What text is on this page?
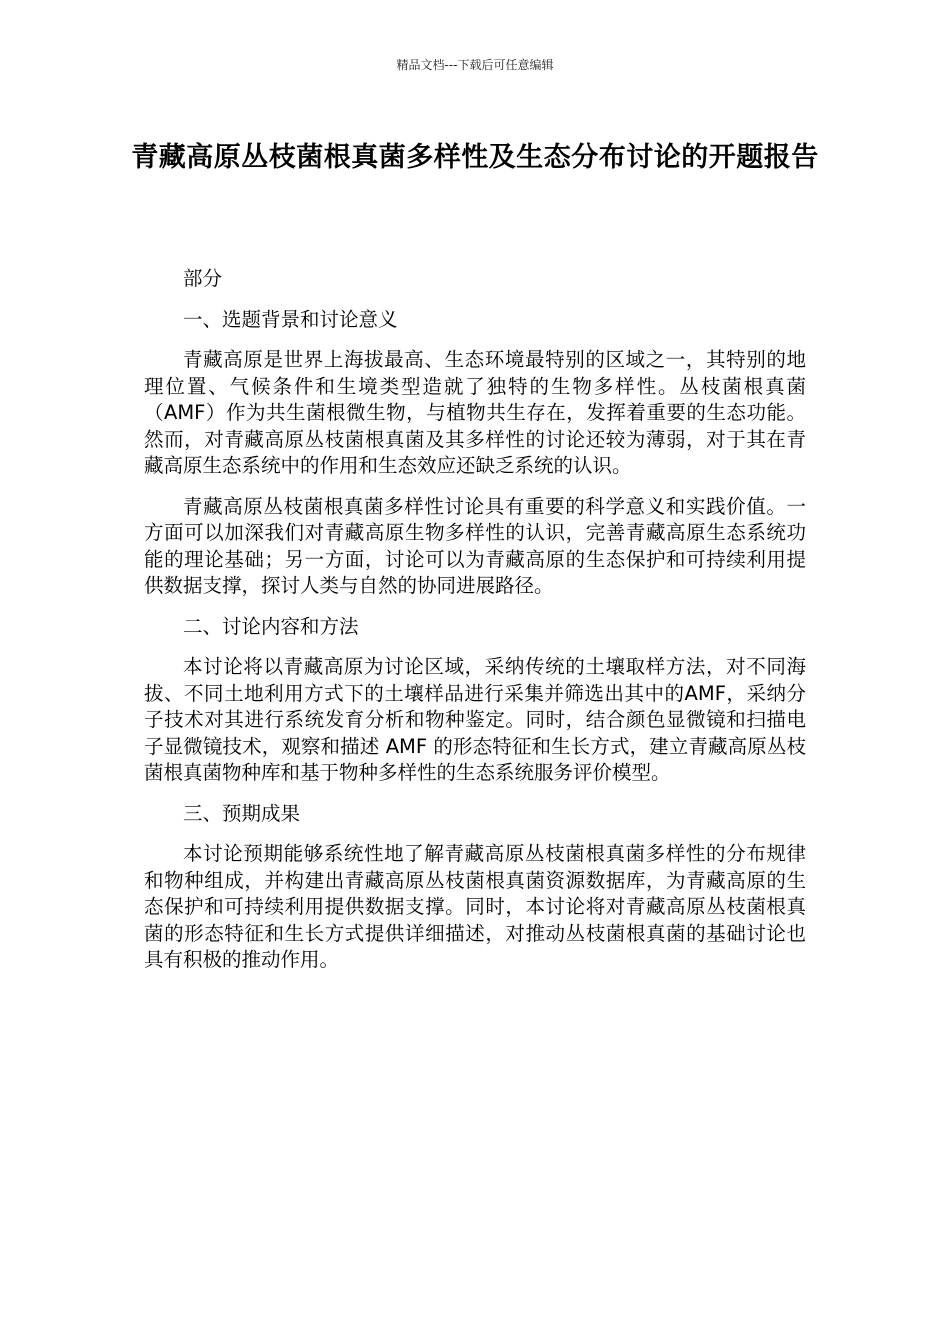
精品文档---下载后可任意编辑
青藏高原丛枝菌根真菌多样性及生态分布讨论的开题报告

部分

一、选题背景和讨论意义

青藏高原是世界上海拔最高、生态环境最特别的区域之一，其特别的地理位置、气候条件和生境类型造就了独特的生物多样性。丛枝菌根真菌（AMF）作为共生菌根微生物，与植物共生存在，发挥着重要的生态功能。然而，对青藏高原丛枝菌根真菌及其多样性的讨论还较为薄弱，对于其在青藏高原生态系统中的作用和生态效应还缺乏系统的认识。

青藏高原丛枝菌根真菌多样性讨论具有重要的科学意义和实践价值。一方面可以加深我们对青藏高原生物多样性的认识，完善青藏高原生态系统功能的理论基础；另一方面，讨论可以为青藏高原的生态保护和可持续利用提供数据支撑，探讨人类与自然的协同进展路径。

二、讨论内容和方法

本讨论将以青藏高原为讨论区域，采纳传统的土壤取样方法，对不同海拔、不同土地利用方式下的土壤样品进行采集并筛选出其中的AMF，采纳分子技术对其进行系统发育分析和物种鉴定。同时，结合颜色显微镜和扫描电子显微镜技术，观察和描述 AMF 的形态特征和生长方式，建立青藏高原丛枝菌根真菌物种库和基于物种多样性的生态系统服务评价模型。

三、预期成果

本讨论预期能够系统性地了解青藏高原丛枝菌根真菌多样性的分布规律和物种组成，并构建出青藏高原丛枝菌根真菌资源数据库，为青藏高原的生态保护和可持续利用提供数据支撑。同时，本讨论将对青藏高原丛枝菌根真菌的形态特征和生长方式提供详细描述，对推动丛枝菌根真菌的基础讨论也具有积极的推动作用。
